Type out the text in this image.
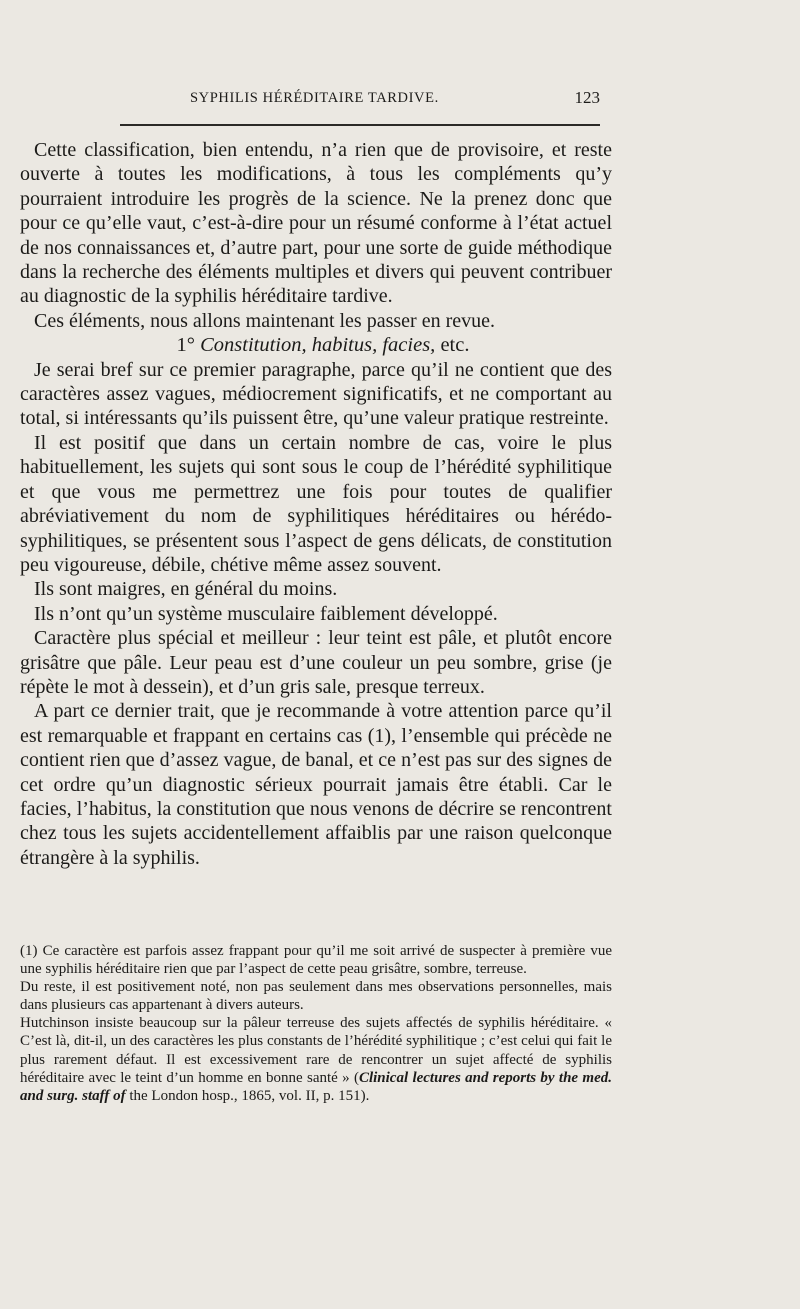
SYPHILIS HÉRÉDITAIRE TARDIVE.	123

Cette classification, bien entendu, n’a rien que de provisoire, et reste ouverte à toutes les modifications, à tous les compléments qu’y pourraient introduire les progrès de la science. Ne la prenez donc que pour ce qu’elle vaut, c’est-à-dire pour un résumé conforme à l’état actuel de nos connaissances et, d’autre part, pour une sorte de guide méthodique dans la recherche des éléments multiples et divers qui peuvent contribuer au diagnostic de la syphilis héréditaire tardive.

Ces éléments, nous allons maintenant les passer en revue.

1° Constitution, habitus, facies, etc.

Je serai bref sur ce premier paragraphe, parce qu’il ne contient que des caractères assez vagues, médiocrement significatifs, et ne comportant au total, si intéressants qu’ils puissent être, qu’une valeur pratique restreinte.

Il est positif que dans un certain nombre de cas, voire le plus habituellement, les sujets qui sont sous le coup de l’hérédité syphilitique et que vous me permettrez une fois pour toutes de qualifier abréviativement du nom de syphilitiques héréditaires ou hérédo-syphilitiques, se présentent sous l’aspect de gens délicats, de constitution peu vigoureuse, débile, chétive même assez souvent.

Ils sont maigres, en général du moins.

Ils n’ont qu’un système musculaire faiblement développé.

Caractère plus spécial et meilleur : leur teint est pâle, et plutôt encore grisâtre que pâle. Leur peau est d’une couleur un peu sombre, grise (je répète le mot à dessein), et d’un gris sale, presque terreux.

A part ce dernier trait, que je recommande à votre attention parce qu’il est remarquable et frappant en certains cas (1), l’ensemble qui précède ne contient rien que d’assez vague, de banal, et ce n’est pas sur des signes de cet ordre qu’un diagnostic sérieux pourrait jamais être établi. Car le facies, l’habitus, la constitution que nous venons de décrire se rencontrent chez tous les sujets accidentellement affaiblis par une raison quelconque étrangère à la syphilis.

(1) Ce caractère est parfois assez frappant pour qu’il me soit arrivé de suspecter à première vue une syphilis héréditaire rien que par l’aspect de cette peau grisâtre, sombre, terreuse.

Du reste, il est positivement noté, non pas seulement dans mes observations personnelles, mais dans plusieurs cas appartenant à divers auteurs.

Hutchinson insiste beaucoup sur la pâleur terreuse des sujets affectés de syphilis héréditaire. « C’est là, dit-il, un des caractères les plus constants de l’hérédité syphilitique ; c’est celui qui fait le plus rarement défaut. Il est excessivement rare de rencontrer un sujet affecté de syphilis héréditaire avec le teint d’un homme en bonne santé » (Clinical lectures and reports by the med. and surg. staff of the London hosp., 1865, vol. II, p. 151).
